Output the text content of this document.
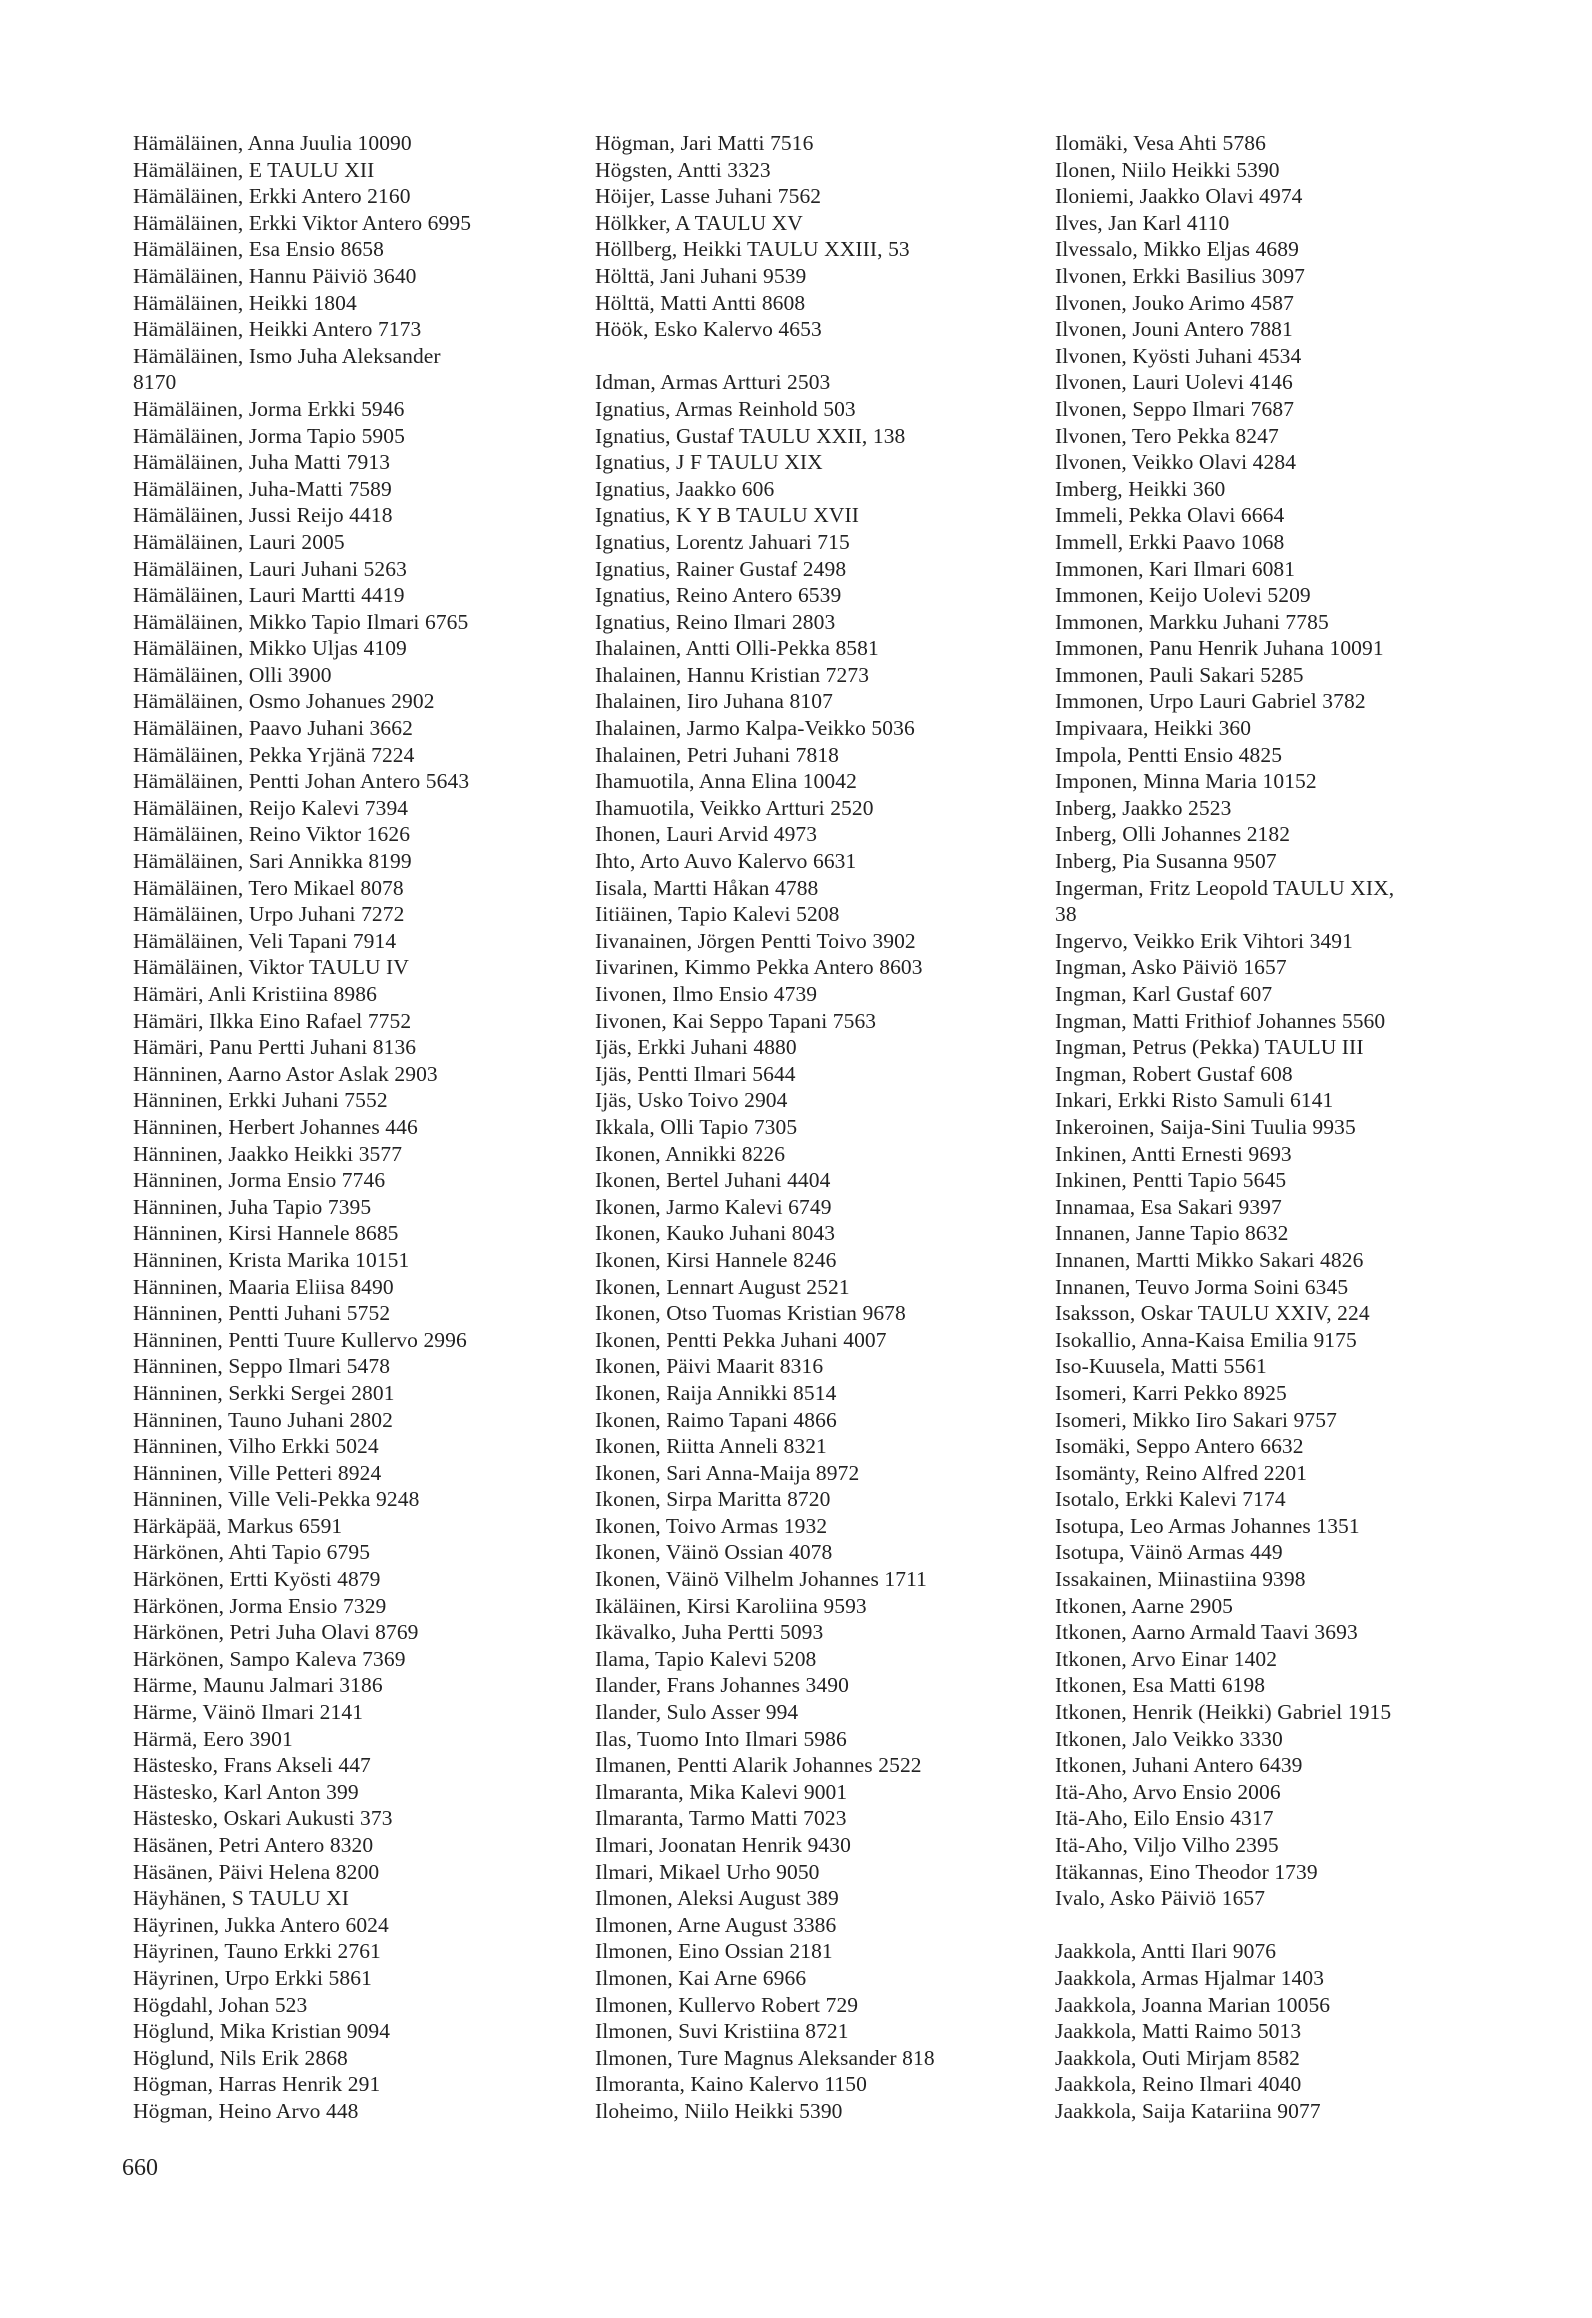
Hämäläinen, Anna Juulia 10090
Hämäläinen, E TAULU XII
Hämäläinen, Erkki Antero 2160
Hämäläinen, Erkki Viktor Antero 6995
Hämäläinen, Esa Ensio 8658
Hämäläinen, Hannu Päiviö 3640
Hämäläinen, Heikki 1804
Hämäläinen, Heikki Antero 7173
Hämäläinen, Ismo Juha Aleksander
8170
Hämäläinen, Jorma Erkki 5946
Hämäläinen, Jorma Tapio 5905
Hämäläinen, Juha Matti 7913
Hämäläinen, Juha-Matti 7589
Hämäläinen, Jussi Reijo 4418
Hämäläinen, Lauri 2005
Hämäläinen, Lauri Juhani 5263
Hämäläinen, Lauri Martti 4419
Hämäläinen, Mikko Tapio Ilmari 6765
Hämäläinen, Mikko Uljas 4109
Hämäläinen, Olli 3900
Hämäläinen, Osmo Johanues 2902
Hämäläinen, Paavo Juhani 3662
Hämäläinen, Pekka Yrjänä 7224
Hämäläinen, Pentti Johan Antero 5643
Hämäläinen, Reijo Kalevi 7394
Hämäläinen, Reino Viktor 1626
Hämäläinen, Sari Annikka 8199
Hämäläinen, Tero Mikael 8078
Hämäläinen, Urpo Juhani 7272
Hämäläinen, Veli Tapani 7914
Hämäläinen, Viktor TAULU IV
Hämäri, Anli Kristiina 8986
Hämäri, Ilkka Eino Rafael 7752
Hämäri, Panu Pertti Juhani 8136
Hänninen, Aarno Astor Aslak 2903
Hänninen, Erkki Juhani 7552
Hänninen, Herbert Johannes 446
Hänninen, Jaakko Heikki 3577
Hänninen, Jorma Ensio 7746
Hänninen, Juha Tapio 7395
Hänninen, Kirsi Hannele 8685
Hänninen, Krista Marika 10151
Hänninen, Maaria Eliisa 8490
Hänninen, Pentti Juhani 5752
Hänninen, Pentti Tuure Kullervo 2996
Hänninen, Seppo Ilmari 5478
Hänninen, Serkki Sergei 2801
Hänninen, Tauno Juhani 2802
Hänninen, Vilho Erkki 5024
Hänninen, Ville Petteri 8924
Hänninen, Ville Veli-Pekka 9248
Härkäpää, Markus 6591
Härkönen, Ahti Tapio 6795
Härkönen, Ertti Kyösti 4879
Härkönen, Jorma Ensio 7329
Härkönen, Petri Juha Olavi 8769
Härkönen, Sampo Kaleva 7369
Härme, Maunu Jalmari 3186
Härme, Väinö Ilmari 2141
Härmä, Eero 3901
Hästesko, Frans Akseli 447
Hästesko, Karl Anton 399
Hästesko, Oskari Aukusti 373
Häsänen, Petri Antero 8320
Häsänen, Päivi Helena 8200
Häyhänen, S TAULU XI
Häyrinen, Jukka Antero 6024
Häyrinen, Tauno Erkki 2761
Häyrinen, Urpo Erkki 5861
Högdahl, Johan 523
Höglund, Mika Kristian 9094
Höglund, Nils Erik 2868
Högman, Harras Henrik 291
Högman, Heino Arvo 448
Högman, Jari Matti 7516
Högsten, Antti 3323
Höijer, Lasse Juhani 7562
Hölkker, A TAULU XV
Höllberg, Heikki TAULU XXIII, 53
Hölttä, Jani Juhani 9539
Hölttä, Matti Antti 8608
Höök, Esko Kalervo 4653
Idman, Armas Artturi 2503
Ignatius, Armas Reinhold 503
Ignatius, Gustaf TAULU XXII, 138
Ignatius, J F TAULU XIX
Ignatius, Jaakko 606
Ignatius, K Y B TAULU XVII
Ignatius, Lorentz Jahuari 715
Ignatius, Rainer Gustaf 2498
Ignatius, Reino Antero 6539
Ignatius, Reino Ilmari 2803
Ihalainen, Antti Olli-Pekka 8581
Ihalainen, Hannu Kristian 7273
Ihalainen, Iiro Juhana 8107
Ihalainen, Jarmo Kalpa-Veikko 5036
Ihalainen, Petri Juhani 7818
Ihamuotila, Anna Elina 10042
Ihamuotila, Veikko Artturi 2520
Ihonen, Lauri Arvid 4973
Ihto, Arto Auvo Kalervo 6631
Iisala, Martti Håkan 4788
Iitiäinen, Tapio Kalevi 5208
Iivanainen, Jörgen Pentti Toivo 3902
Iivarinen, Kimmo Pekka Antero 8603
Iivonen, Ilmo Ensio 4739
Iivonen, Kai Seppo Tapani 7563
Ijäs, Erkki Juhani 4880
Ijäs, Pentti Ilmari 5644
Ijäs, Usko Toivo 2904
Ikkala, Olli Tapio 7305
Ikonen, Annikki 8226
Ikonen, Bertel Juhani 4404
Ikonen, Jarmo Kalevi 6749
Ikonen, Kauko Juhani 8043
Ikonen, Kirsi Hannele 8246
Ikonen, Lennart August 2521
Ikonen, Otso Tuomas Kristian 9678
Ikonen, Pentti Pekka Juhani 4007
Ikonen, Päivi Maarit 8316
Ikonen, Raija Annikki 8514
Ikonen, Raimo Tapani 4866
Ikonen, Riitta Anneli 8321
Ikonen, Sari Anna-Maija 8972
Ikonen, Sirpa Maritta 8720
Ikonen, Toivo Armas 1932
Ikonen, Väinö Ossian 4078
Ikonen, Väinö Vilhelm Johannes 1711
Ikäläinen, Kirsi Karoliina 9593
Ikävalko, Juha Pertti 5093
Ilama, Tapio Kalevi 5208
Ilander, Frans Johannes 3490
Ilander, Sulo Asser 994
Ilas, Tuomo Into Ilmari 5986
Ilmanen, Pentti Alarik Johannes 2522
Ilmaranta, Mika Kalevi 9001
Ilmaranta, Tarmo Matti 7023
Ilmari, Joonatan Henrik 9430
Ilmari, Mikael Urho 9050
Ilmonen, Aleksi August 389
Ilmonen, Arne August 3386
Ilmonen, Eino Ossian 2181
Ilmonen, Kai Arne 6966
Ilmonen, Kullervo Robert 729
Ilmonen, Suvi Kristiina 8721
Ilmonen, Ture Magnus Aleksander 818
Ilmoranta, Kaino Kalervo 1150
Iloheimo, Niilo Heikki 5390
Ilomäki, Vesa Ahti 5786
Ilonen, Niilo Heikki 5390
Iloniemi, Jaakko Olavi 4974
Ilves, Jan Karl 4110
Ilvessalo, Mikko Eljas 4689
Ilvonen, Erkki Basilius 3097
Ilvonen, Jouko Arimo 4587
Ilvonen, Jouni Antero 7881
Ilvonen, Kyösti Juhani 4534
Ilvonen, Lauri Uolevi 4146
Ilvonen, Seppo Ilmari 7687
Ilvonen, Tero Pekka 8247
Ilvonen, Veikko Olavi 4284
Imberg, Heikki 360
Immeli, Pekka Olavi 6664
Immell, Erkki Paavo 1068
Immonen, Kari Ilmari 6081
Immonen, Keijo Uolevi 5209
Immonen, Markku Juhani 7785
Immonen, Panu Henrik Juhana 10091
Immonen, Pauli Sakari 5285
Immonen, Urpo Lauri Gabriel 3782
Impivaara, Heikki 360
Impola, Pentti Ensio 4825
Imponen, Minna Maria 10152
Inberg, Jaakko 2523
Inberg, Olli Johannes 2182
Inberg, Pia Susanna 9507
Ingerman, Fritz Leopold TAULU XIX,
38
Ingervo, Veikko Erik Vihtori 3491
Ingman, Asko Päiviö 1657
Ingman, Karl Gustaf 607
Ingman, Matti Frithiof Johannes 5560
Ingman, Petrus (Pekka) TAULU III
Ingman, Robert Gustaf 608
Inkari, Erkki Risto Samuli 6141
Inkeroinen, Saija-Sini Tuulia 9935
Inkinen, Antti Ernesti 9693
Inkinen, Pentti Tapio 5645
Innamaa, Esa Sakari 9397
Innanen, Janne Tapio 8632
Innanen, Martti Mikko Sakari 4826
Innanen, Teuvo Jorma Soini 6345
Isaksson, Oskar TAULU XXIV, 224
Isokallio, Anna-Kaisa Emilia 9175
Iso-Kuusela, Matti 5561
Isomeri, Karri Pekko 8925
Isomeri, Mikko Iiro Sakari 9757
Isomäki, Seppo Antero 6632
Isomänty, Reino Alfred 2201
Isotalo, Erkki Kalevi 7174
Isotupa, Leo Armas Johannes 1351
Isotupa, Väinö Armas 449
Issakainen, Miinastiina 9398
Itkonen, Aarne 2905
Itkonen, Aarno Armald Taavi 3693
Itkonen, Arvo Einar 1402
Itkonen, Esa Matti 6198
Itkonen, Henrik (Heikki) Gabriel 1915
Itkonen, Jalo Veikko 3330
Itkonen, Juhani Antero 6439
Itä-Aho, Arvo Ensio 2006
Itä-Aho, Eilo Ensio 4317
Itä-Aho, Viljo Vilho 2395
Itäkannas, Eino Theodor 1739
Ivalo, Asko Päiviö 1657
Jaakkola, Antti Ilari 9076
Jaakkola, Armas Hjalmar 1403
Jaakkola, Joanna Marian 10056
Jaakkola, Matti Raimo 5013
Jaakkola, Outi Mirjam 8582
Jaakkola, Reino Ilmari 4040
Jaakkola, Saija Katariina 9077
660
